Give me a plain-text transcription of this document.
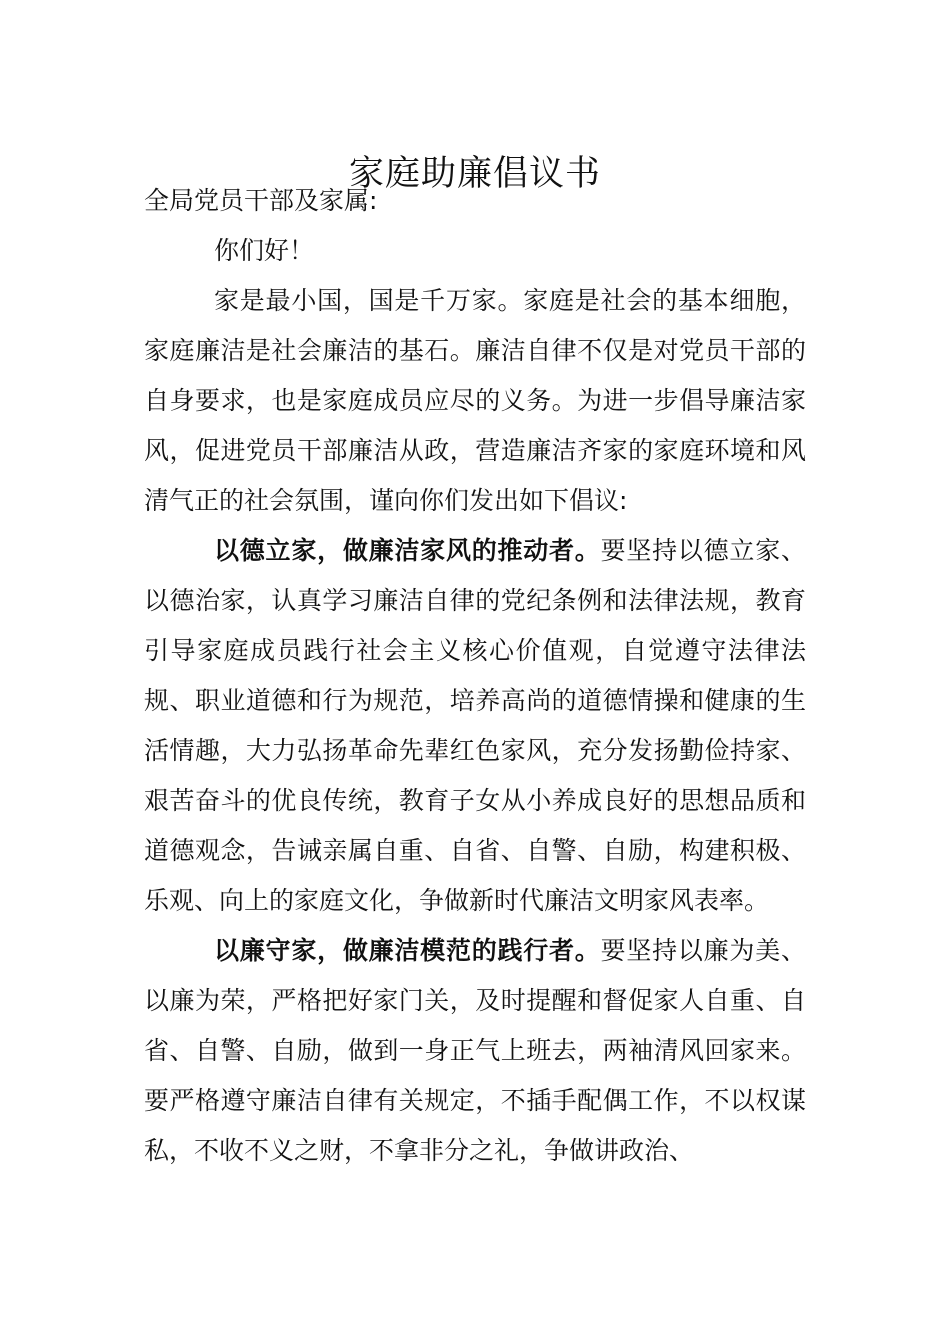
家庭助廉倡议书

全局党员干部及家属:

你们好！

家是最小国，国是千万家。家庭是社会的基本细胞，家庭廉洁是社会廉洁的基石。廉洁自律不仅是对党员干部的自身要求，也是家庭成员应尽的义务。为进一步倡导廉洁家风，促进党员干部廉洁从政，营造廉洁齐家的家庭环境和风清气正的社会氛围，谨向你们发出如下倡议:

以德立家，做廉洁家风的推动者。要坚持以德立家、以德治家，认真学习廉洁自律的党纪条例和法律法规，教育引导家庭成员践行社会主义核心价值观，自觉遵守法律法规、职业道德和行为规范，培养高尚的道德情操和健康的生活情趣，大力弘扬革命先辈红色家风，充分发扬勤俭持家、艰苦奋斗的优良传统，教育子女从小养成良好的思想品质和道德观念，告诫亲属自重、自省、自警、自励，构建积极、乐观、向上的家庭文化，争做新时代廉洁文明家风表率。

以廉守家，做廉洁模范的践行者。要坚持以廉为美、以廉为荣，严格把好家门关，及时提醒和督促家人自重、自省、自警、自励，做到一身正气上班去，两袖清风回家来。要严格遵守廉洁自律有关规定，不插手配偶工作，不以权谋私，不收不义之财，不拿非分之礼，争做讲政治、
